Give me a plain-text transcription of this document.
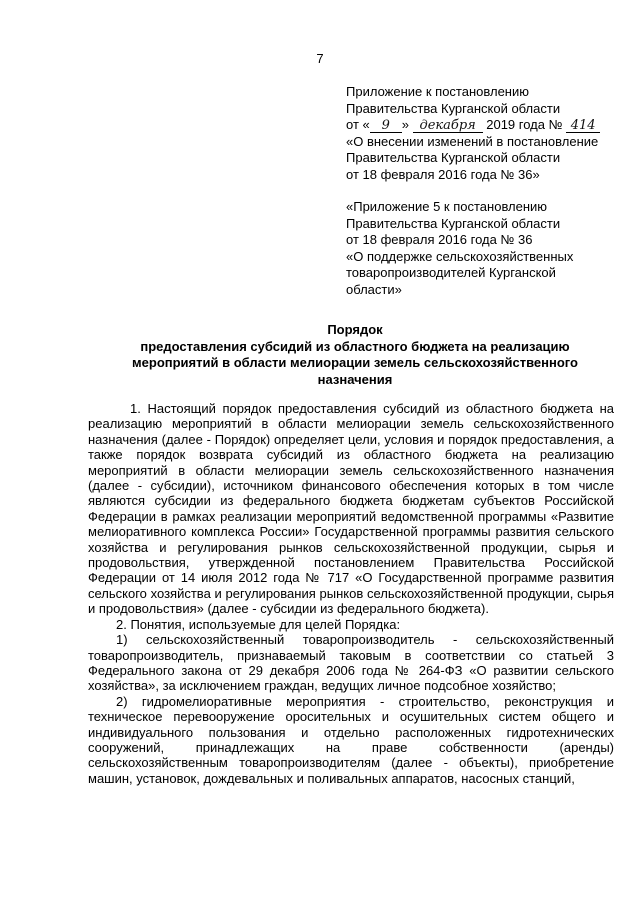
7
Приложение к постановлению
Правительства Курганской области
от « 9 » декабря 2019 года № 414
«О внесении изменений в постановление
Правительства Курганской области
от 18 февраля 2016 года № 36»
«Приложение 5 к постановлению
Правительства Курганской области
от 18 февраля 2016 года № 36
«О поддержке сельскохозяйственных
товаропроизводителей Курганской
области»
Порядок
предоставления субсидий из областного бюджета на реализацию
мероприятий в области мелиорации земель сельскохозяйственного
назначения

1. Настоящий порядок предоставления субсидий из областного бюджета на реализацию мероприятий в области мелиорации земель сельскохозяйственного назначения (далее - Порядок) определяет цели, условия и порядок предоставления, а также порядок возврата субсидий из областного бюджета на реализацию мероприятий в области мелиорации земель сельскохозяйственного назначения (далее - субсидии), источником финансового обеспечения которых в том числе являются субсидии из федерального бюджета бюджетам субъектов Российской Федерации в рамках реализации мероприятий ведомственной программы «Развитие мелиоративного комплекса России» Государственной программы развития сельского хозяйства и регулирования рынков сельскохозяйственной продукции, сырья и продовольствия, утвержденной постановлением Правительства Российской Федерации от 14 июля 2012 года № 717 «О Государственной программе развития сельского хозяйства и регулирования рынков сельскохозяйственной продукции, сырья и продовольствия» (далее - субсидии из федерального бюджета).

2. Понятия, используемые для целей Порядка:

1) сельскохозяйственный товаропроизводитель - сельскохозяйственный товаропроизводитель, признаваемый таковым в соответствии со статьей 3 Федерального закона от 29 декабря 2006 года № 264-ФЗ «О развитии сельского хозяйства», за исключением граждан, ведущих личное подсобное хозяйство;

2) гидромелиоративные мероприятия - строительство, реконструкция и техническое перевооружение оросительных и осушительных систем общего и индивидуального пользования и отдельно расположенных гидротехнических сооружений, принадлежащих на праве собственности (аренды) сельскохозяйственным товаропроизводителям (далее - объекты), приобретение машин, установок, дождевальных и поливальных аппаратов, насосных станций,
